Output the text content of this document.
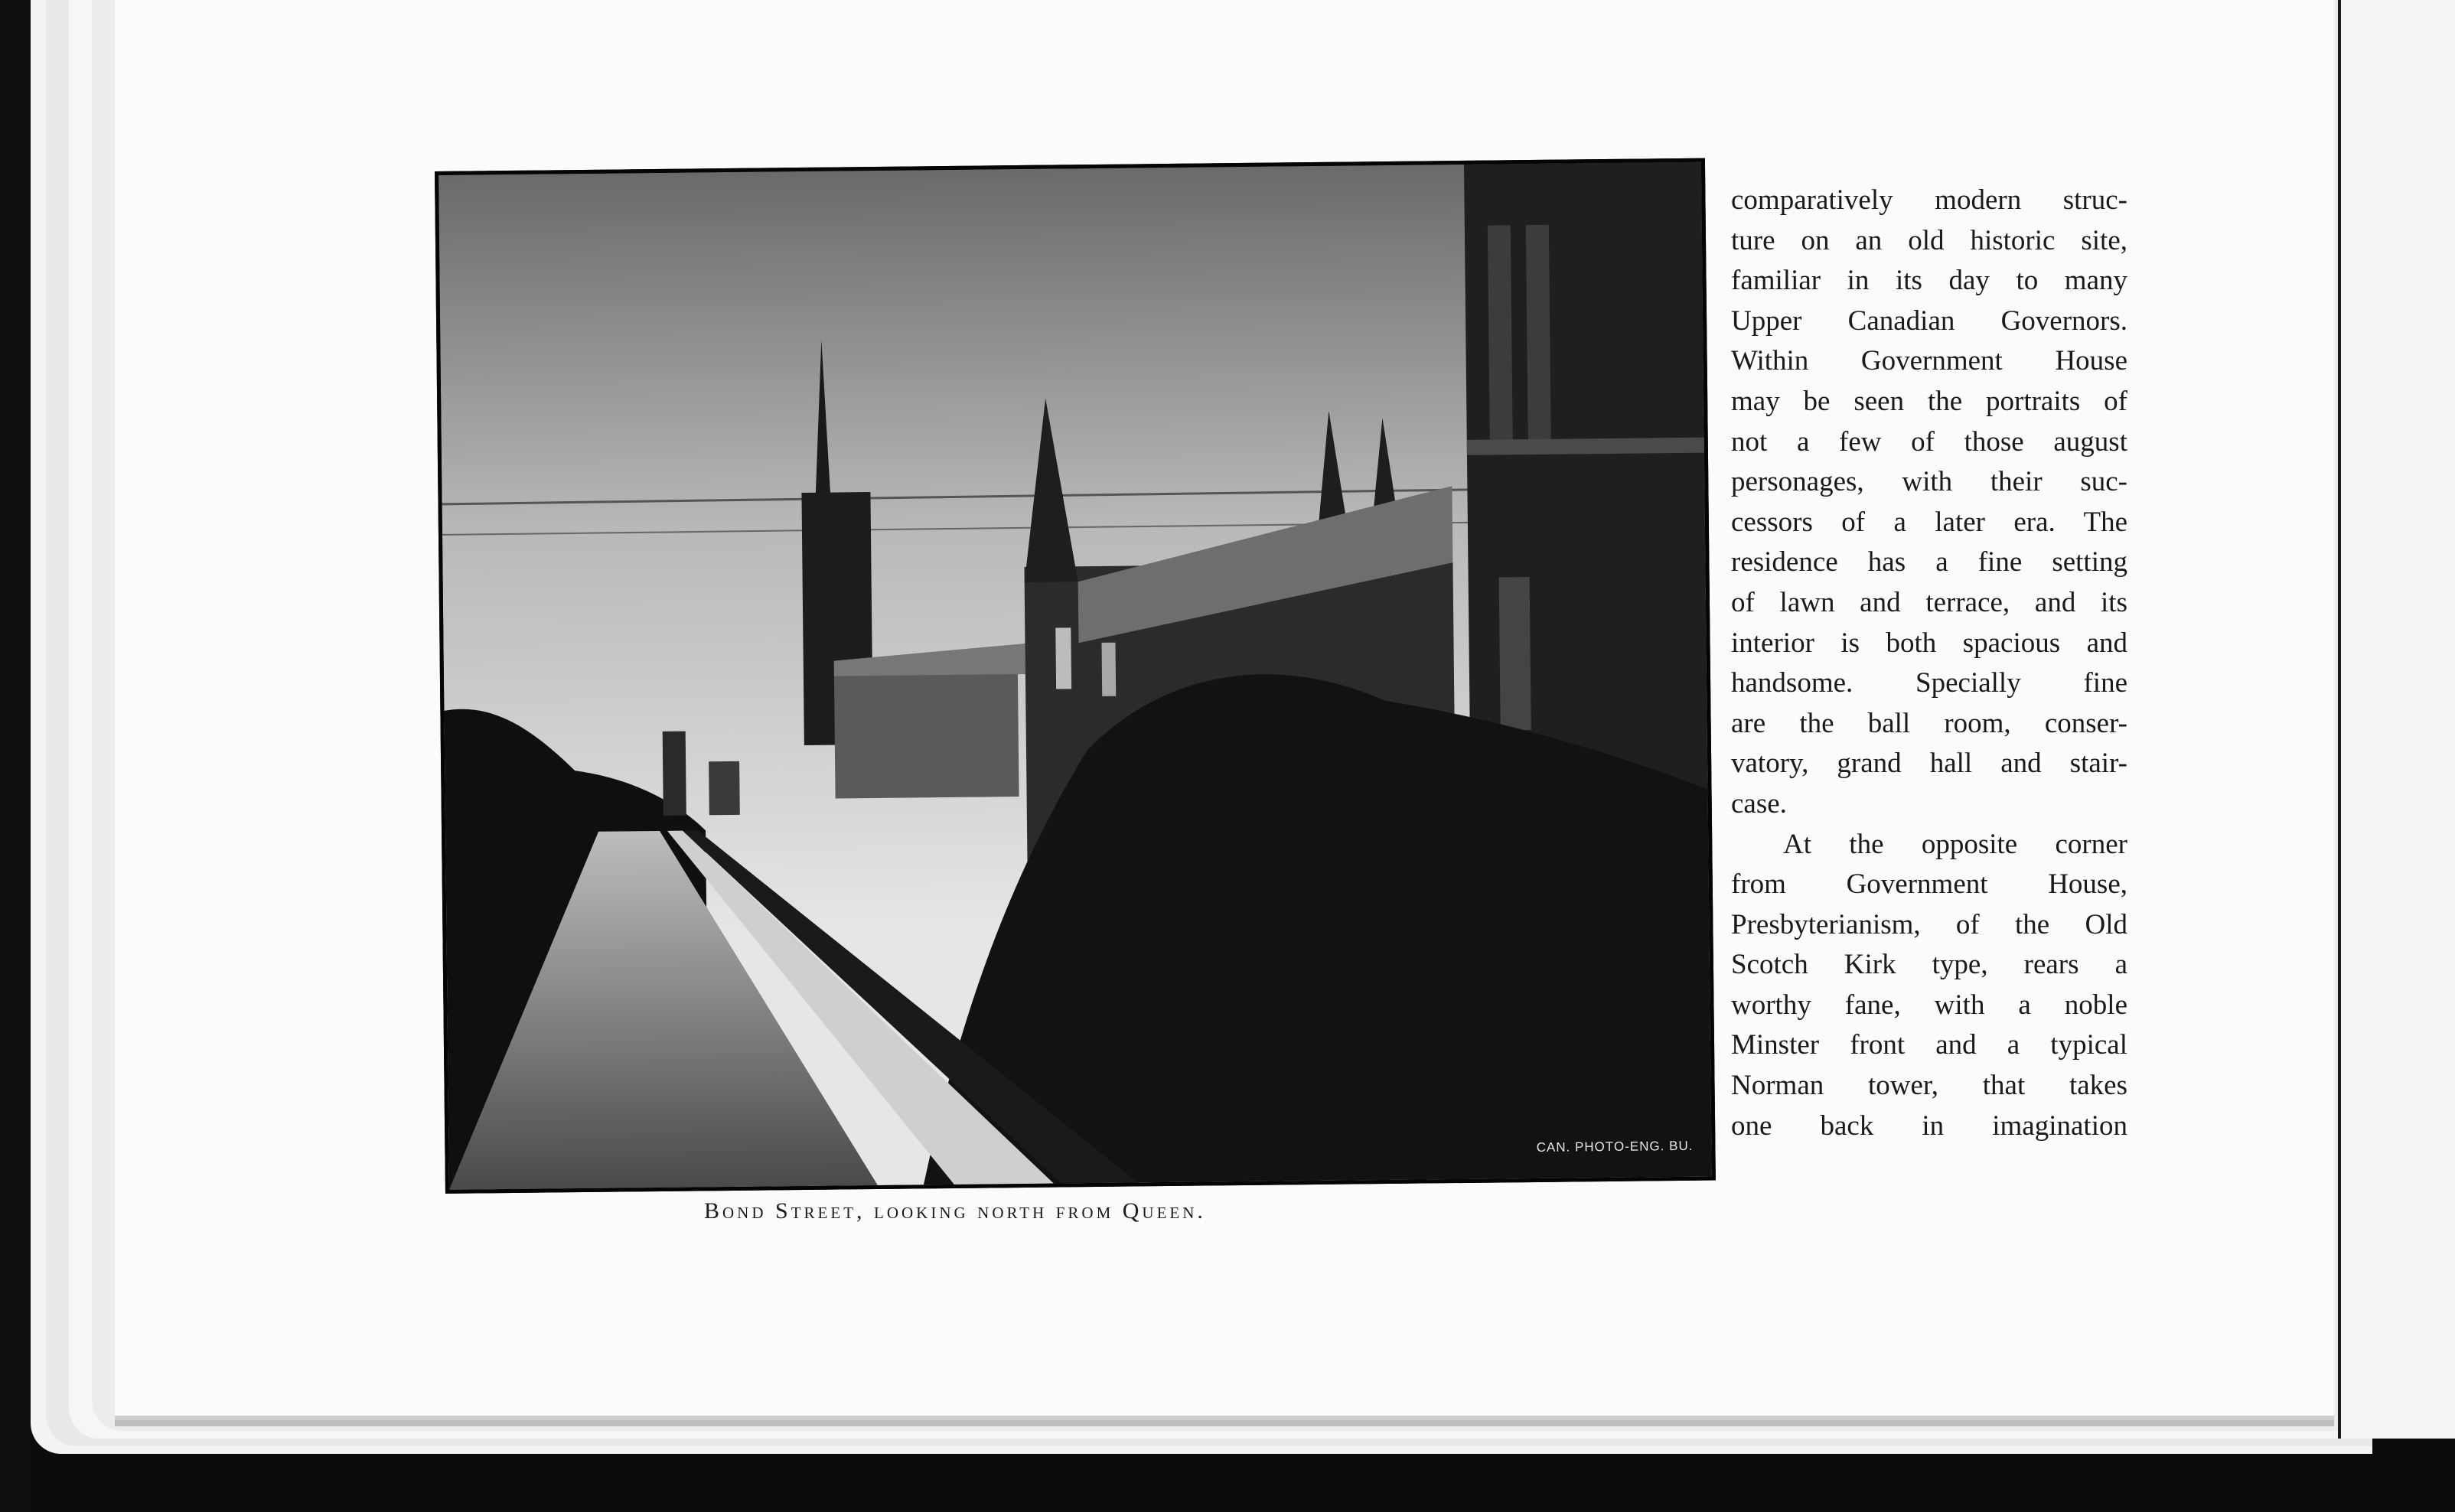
CAN. PHOTO-ENG. BU.
Bond Street, looking north from Queen.
comparatively modern struc-
ture on an old historic site,
familiar in its day to many
Upper Canadian Governors.
Within Government House
may be seen the portraits of
not a few of those august
personages, with their suc-
cessors of a later era. The
residence has a fine setting
of lawn and terrace, and its
interior is both spacious and
handsome. Specially fine
are the ball room, conser-
vatory, grand hall and stair-
case.
At the opposite corner
from Government House,
Presbyterianism, of the Old
Scotch Kirk type, rears a
worthy fane, with a noble
Minster front and a typical
Norman tower, that takes
one back in imagination
